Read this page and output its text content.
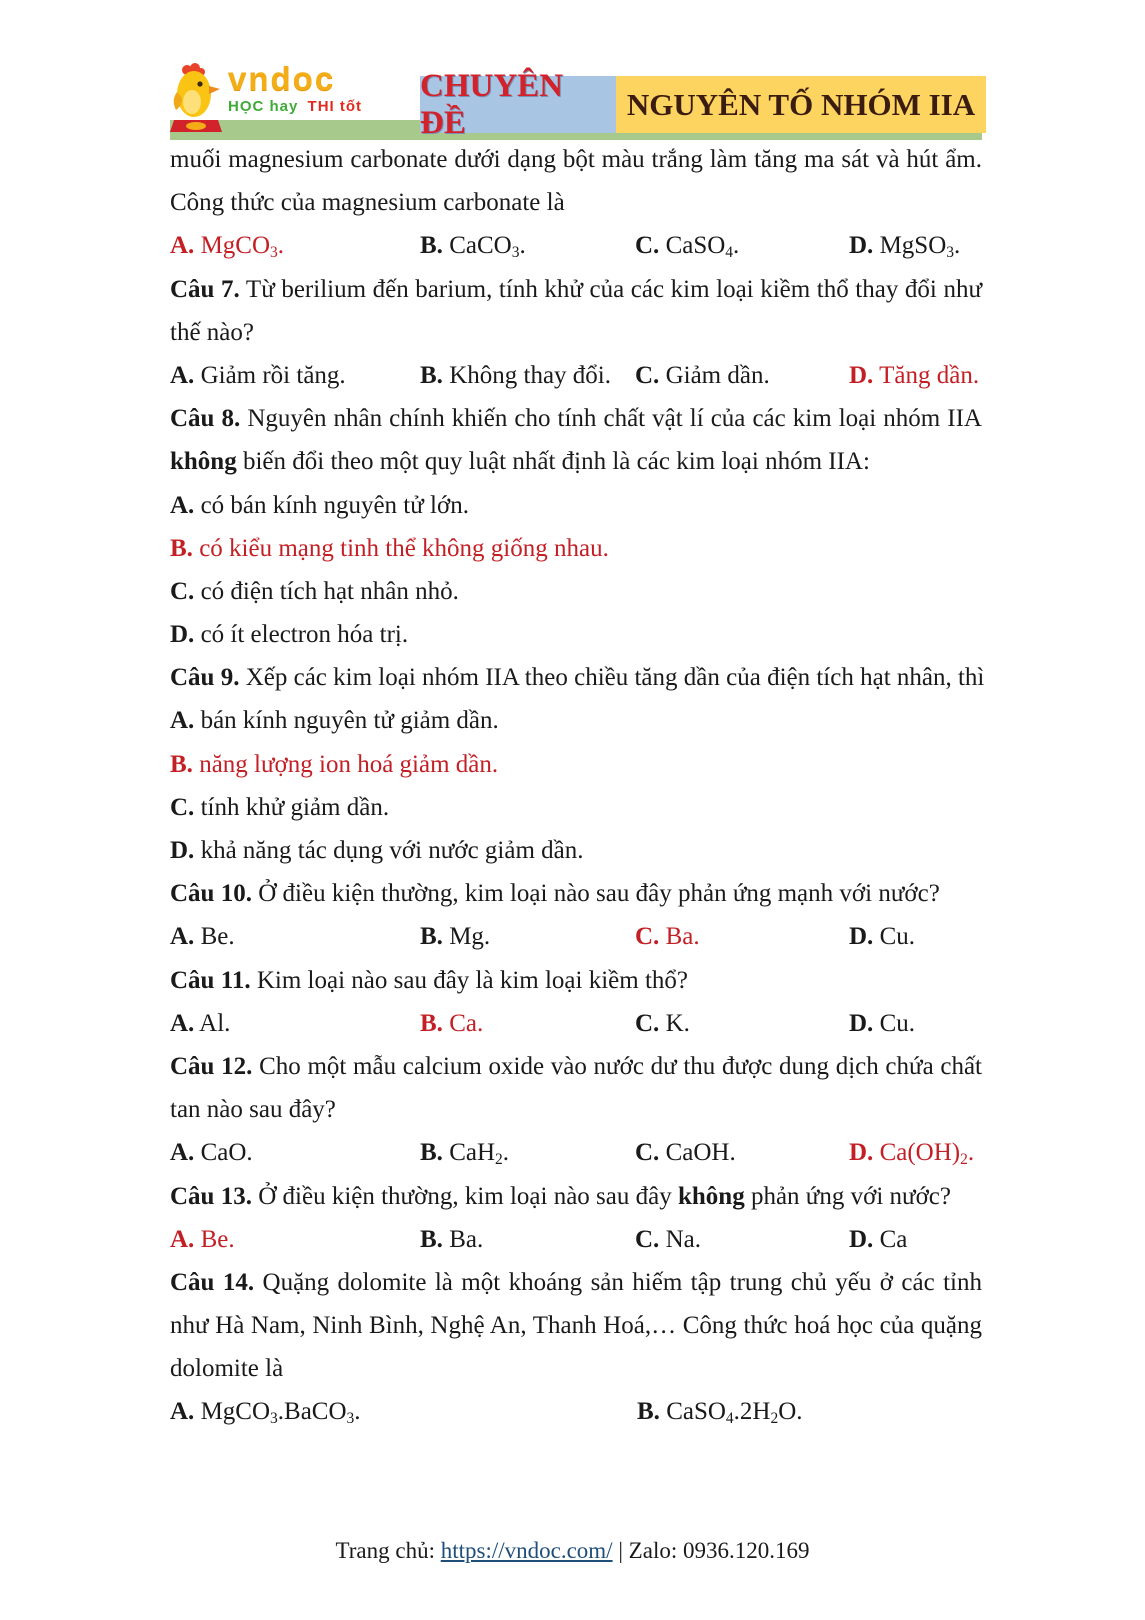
vndoc
HỌC hay THI tốt
CHUYÊN ĐỀ
NGUYÊN TỐ NHÓM IIA
muối magnesium carbonate dưới dạng bột màu trắng làm tăng ma sát và hút ẩm.
Công thức của magnesium carbonate là
A. MgCO$_3$.	B. CaCO$_3$.	C. CaSO$_4$.	D. MgSO$_3$.
Câu 7. Từ berilium đến barium, tính khử của các kim loại kiềm thổ thay đổi như
thế nào?
A. Giảm rồi tăng.	B. Không thay đổi. C. Giảm dần.	D. Tăng dần.
Câu 8. Nguyên nhân chính khiến cho tính chất vật lí của các kim loại nhóm IIA
không biến đổi theo một quy luật nhất định là các kim loại nhóm IIA:
A. có bán kính nguyên tử lớn.
B. có kiểu mạng tinh thể không giống nhau.
C. có điện tích hạt nhân nhỏ.
D. có ít electron hóa trị.
Câu 9. Xếp các kim loại nhóm IIA theo chiều tăng dần của điện tích hạt nhân, thì
A. bán kính nguyên tử giảm dần.
B. năng lượng ion hoá giảm dần.
C. tính khử giảm dần.
D. khả năng tác dụng với nước giảm dần.
Câu 10. Ở điều kiện thường, kim loại nào sau đây phản ứng mạnh với nước?
A. Be.	B. Mg.	C. Ba.	D. Cu.
Câu 11. Kim loại nào sau đây là kim loại kiềm thổ?
A. Al.	B. Ca.	C. K.	D. Cu.
Câu 12. Cho một mẫu calcium oxide vào nước dư thu được dung dịch chứa chất
tan nào sau đây?
A. CaO.	B. CaH$_2$.	C. CaOH.	D. $Ca(OH)_2$.
Câu 13. Ở điều kiện thường, kim loại nào sau đây không phản ứng với nước?
A. Be.	B. Ba.	C. Na.	D. Ca
Câu 14. Quặng dolomite là một khoáng sản hiếm tập trung chủ yếu ở các tỉnh
như Hà Nam, Ninh Bình, Nghệ An, Thanh Hoá,… Công thức hoá học của quặng
dolomite là
A. MgCO$_3$.BaCO$_3$.	B. $CaSO_4.2H_2O$.
Trang chủ: https://vndoc.com/ | Zalo: 0936.120.169
